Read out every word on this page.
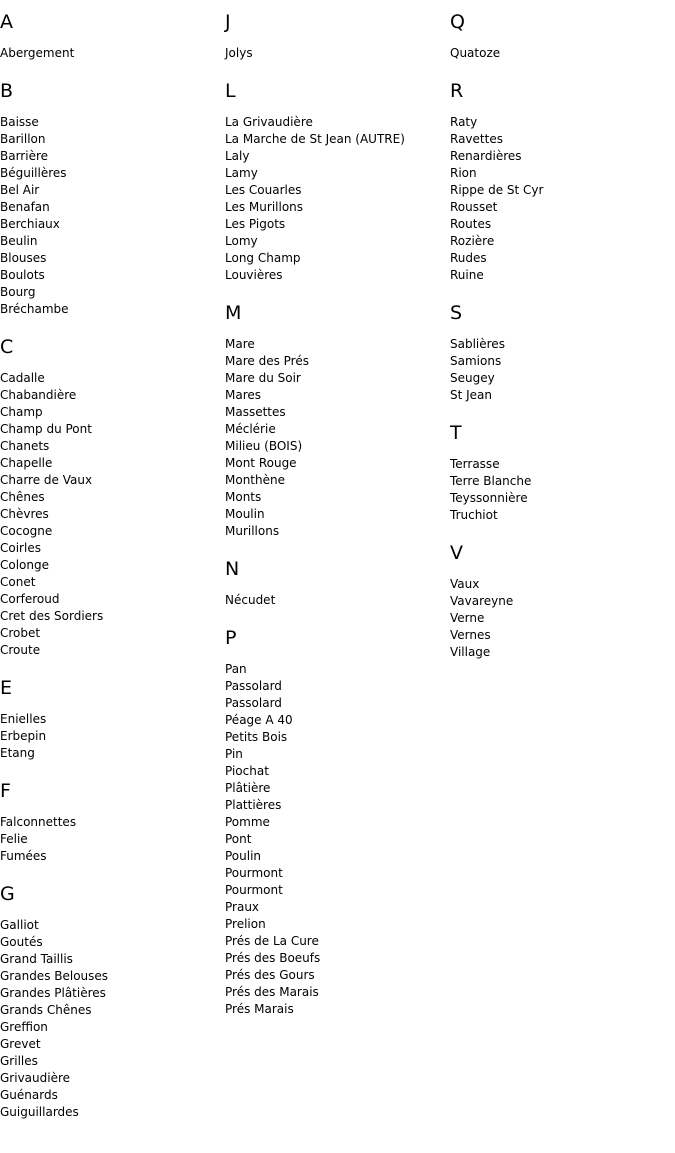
A
Abergement
B
Baisse
Barillon
Barrière
Béguillères
Bel Air
Benafan
Berchiaux
Beulin
Blouses
Boulots
Bourg
Bréchambe
C
Cadalle
Chabandière
Champ
Champ du Pont
Chanets
Chapelle
Charre de Vaux
Chênes
Chèvres
Cocogne
Coirles
Colonge
Conet
Corferoud
Cret des Sordiers
Crobet
Croute
E
Enielles
Erbepin
Etang
F
Falconnettes
Felie
Fumées
G
Galliot
Goutés
Grand Taillis
Grandes Belouses
Grandes Plâtières
Grands Chênes
Greffion
Grevet
Grilles
Grivaudière
Guénards
Guiguillardes
J
Jolys
L
La Grivaudière
La Marche de St Jean (AUTRE)
Laly
Lamy
Les Couarles
Les Murillons
Les Pigots
Lomy
Long Champ
Louvières
M
Mare
Mare des Prés
Mare du Soir
Mares
Massettes
Méclérie
Milieu (BOIS)
Mont Rouge
Monthène
Monts
Moulin
Murillons
N
Nécudet
P
Pan
Passolard
Passolard
Péage A 40
Petits Bois
Pin
Piochat
Plâtière
Plattières
Pomme
Pont
Poulin
Pourmont
Pourmont
Praux
Prelion
Prés de La Cure
Prés des Boeufs
Prés des Gours
Prés des Marais
Prés Marais
Q
Quatoze
R
Raty
Ravettes
Renardières
Rion
Rippe de St Cyr
Rousset
Routes
Rozière
Rudes
Ruine
S
Sablières
Samions
Seugey
St Jean
T
Terrasse
Terre Blanche
Teyssonnière
Truchiot
V
Vaux
Vavareyne
Verne
Vernes
Village
